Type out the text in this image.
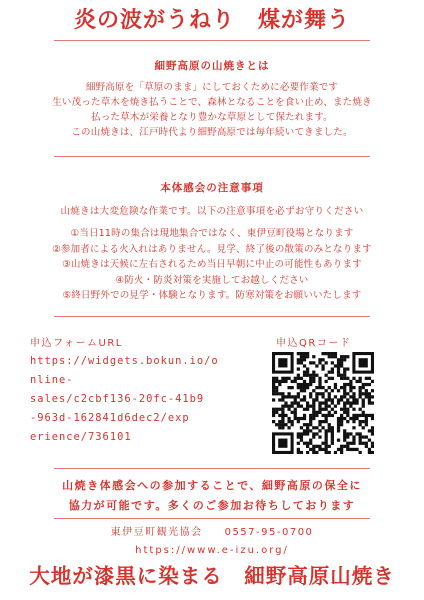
炎の波がうねり　煤が舞う
細野高原の山焼きとは
細野高原を「草原のまま」にしておくために必要作業です
生い茂った草木を焼き払うことで、森林となることを食い止め、また焼き
払った草木が栄養となり豊かな草原として保たれます。
この山焼きは、江戸時代より細野高原では毎年続いてきました。
本体感会の注意事項
山焼きは大変危険な作業です。以下の注意事項を必ずお守りください
①当日11時の集合は現地集合ではなく、東伊豆町役場となります
②参加者による火入れはありません。見学、終了後の散策のみとなります
③山焼きは天候に左右されるため当日早朝に中止の可能性もあります
④防火・防炎対策を実施してお越しください
⑤終日野外での見学・体験となります。防寒対策をお願いいたします
申込フォームURL
https://widgets.bokun.io/o
nline-
sales/c2cbf136-20fc-41b9
-963d-162841d6dec2/exp
erience/736101
申込QRコード
山焼き体感会への参加することで、細野高原の保全に
協力が可能です。多くのご参加お待ちしております
東伊豆町観光協会 0557-95-0700
https://www.e-izu.org/
大地が漆黒に染まる　細野高原山焼き
